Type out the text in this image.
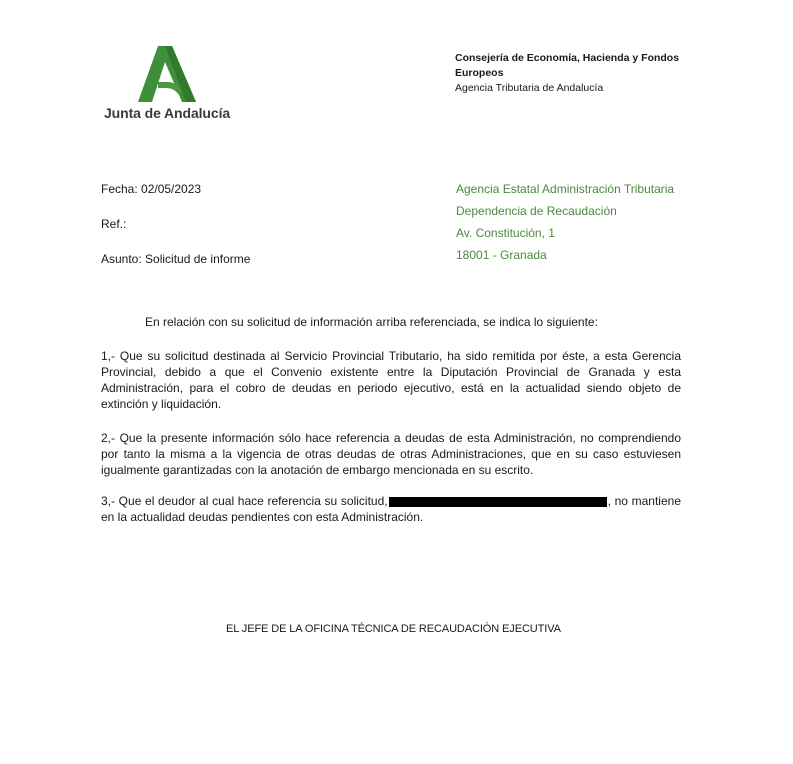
Junta de Andalucía
Consejería de Economía, Hacienda y Fondos Europeos
Agencia Tributaria de Andalucía
Fecha: 02/05/2023
Ref.:
Asunto: Solicitud de informe
Agencia Estatal Administración Tributaria
Dependencia de Recaudación
Av. Constitución, 1
18001 - Granada
En relación con su solicitud de información arriba referenciada, se indica lo siguiente:
1,- Que su solicitud destinada al Servicio Provincial Tributario, ha sido remitida por éste, a esta Gerencia Provincial, debido a que el Convenio existente entre la Diputación Provincial de Granada y esta Administración, para el cobro de deudas en periodo ejecutivo, está en la actualidad siendo objeto de extinción y liquidación.
2,- Que la presente información sólo hace referencia a deudas de esta Administración, no comprendiendo por tanto la misma a la vigencia de otras deudas de otras Administraciones, que en su caso estuviesen igualmente garantizadas con la anotación de embargo mencionada en su escrito.
3,- Que el deudor al cual hace referencia su solicitud,	, no mantiene en la actualidad deudas pendientes con esta Administración.
EL JEFE DE LA OFICINA TÉCNICA DE RECAUDACIÓN EJECUTIVA
